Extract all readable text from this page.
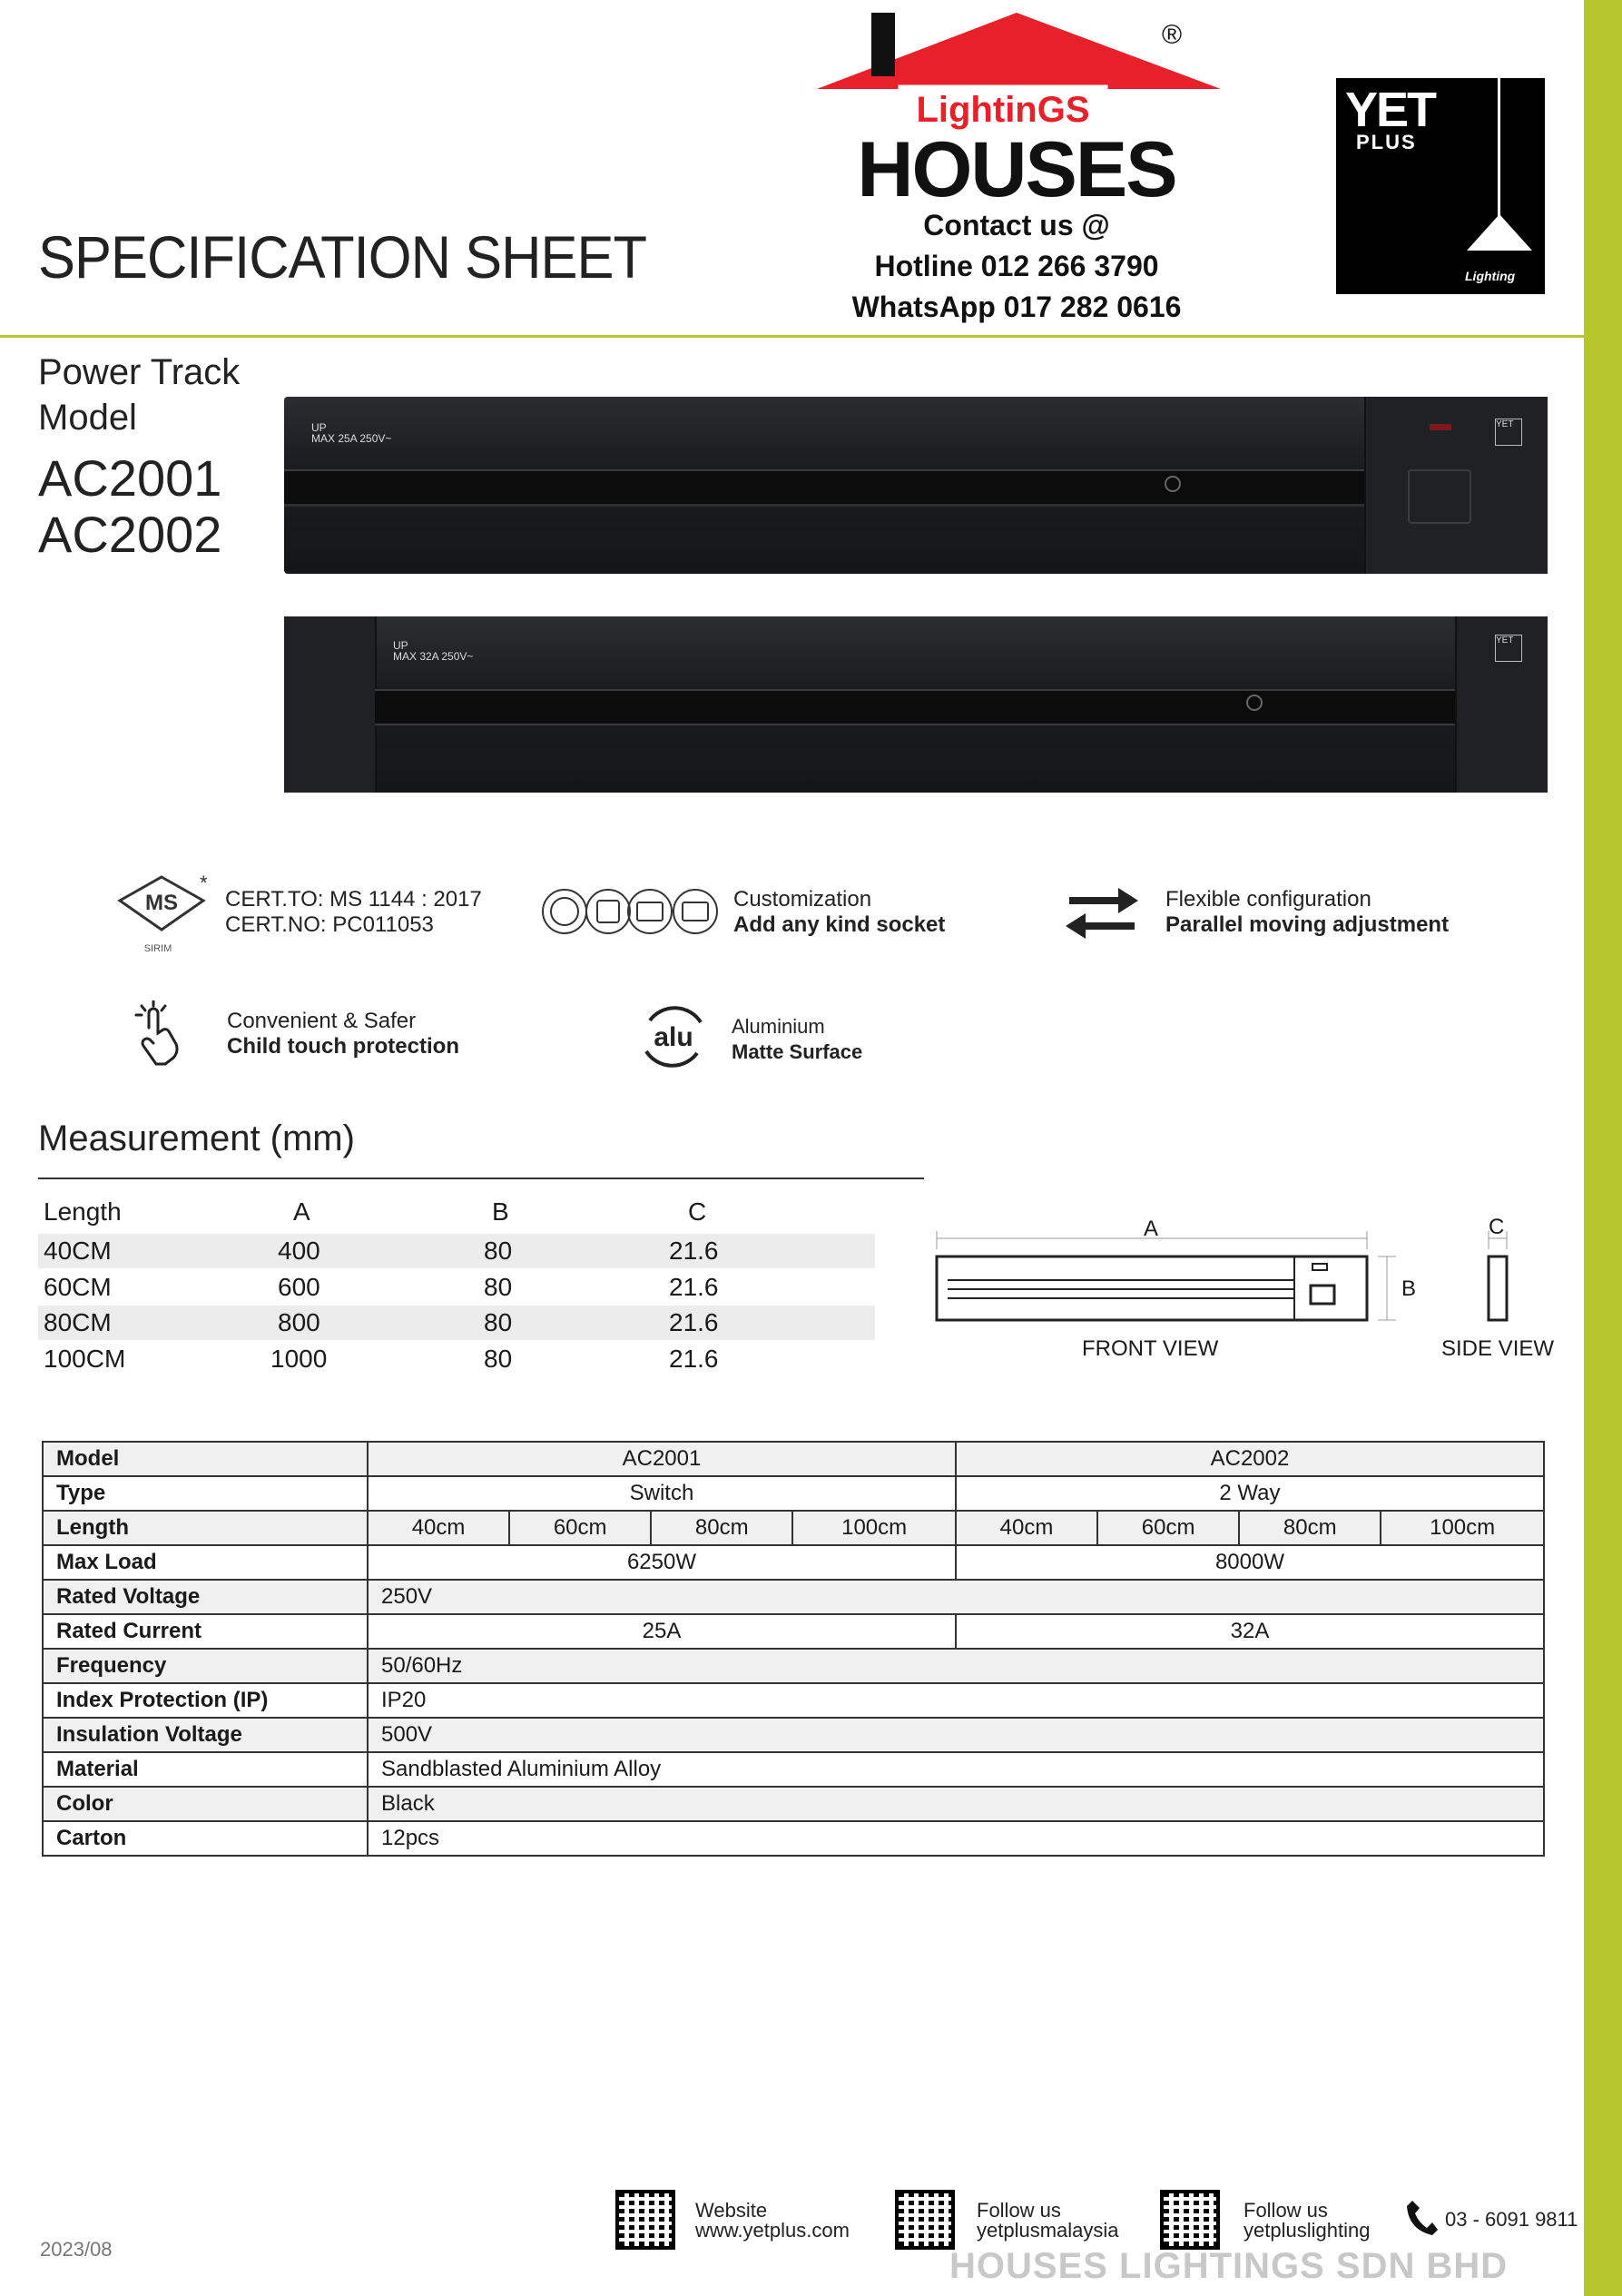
SPECIFICATION SHEET
LightinGS
HOUSES
®
Contact us @
Hotline 012 266 3790
WhatsApp 017 282 0616
YET
PLUS
Lighting
Power Track
Model
AC2001
AC2002
YET
UP
MAX 25A 250V~
YET
UP
MAX 32A 250V~
MS
*
SIRIM
CERT.TO: MS 1144 : 2017
CERT.NO: PC011053
Customization
Add any kind socket
Flexible configuration
Parallel moving adjustment
Convenient & Safer
Child touch protection	alu Aluminium
Matte Surface
Measurement (mm)
Length	A	B	C
40CM	400	80	21.6
60CM	600	80	21.6
80CM	800	80	21.6
100CM	1000	80	21.6
A
B
C
FRONT VIEW	SIDE VIEW
Model	AC2001				AC2002			
Type	Switch				2 Way			
Length	40cm	60cm	80cm	100cm	40cm	60cm	80cm	100cm
Max Load	6250W				8000W			
Rated Voltage	250V							
Rated Current	25A				32A			
Frequency	50/60Hz							
Index Protection (IP)	IP20							
Insulation Voltage	500V							
Material	Sandblasted Aluminium Alloy							
Color	Black							
Carton	12pcs							
2023/08
Website
www.yetplus.com
Follow us
yetplusmalaysia
Follow us
yetpluslighting	03 - 6091 9811
HOUSES LIGHTINGS SDN BHD
